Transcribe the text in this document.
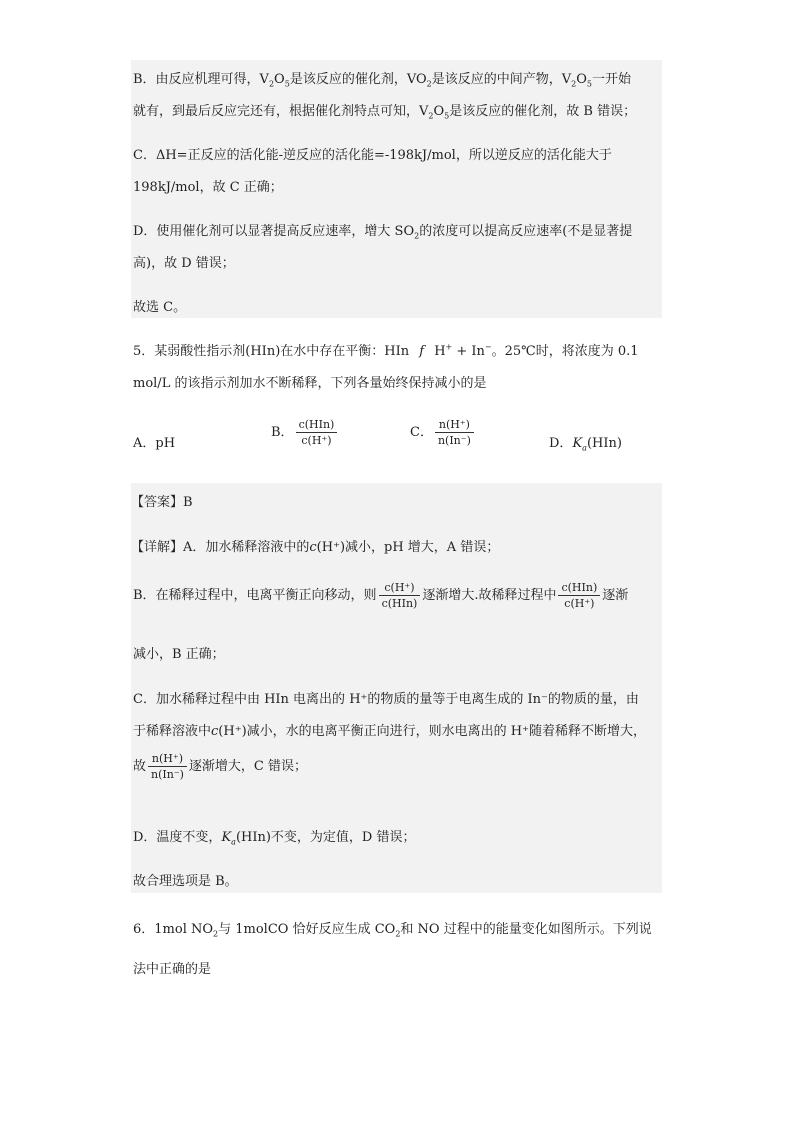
B．由反应机理可得，$V_2O_5$是该反应的催化剂，$VO_2$是该反应的中间产物，$V_2O_5$一开始
就有，到最后反应完还有，根据催化剂特点可知，$V_2O_5$是该反应的催化剂，故 B 错误；
C．ΔH=正反应的活化能-逆反应的活化能=-198kJ/mol，所以逆反应的活化能大于
198kJ/mol，故 C 正确；
D．使用催化剂可以显著提高反应速率，增大 $SO_2$的浓度可以提高反应速率(不是显著提
高)，故 D 错误；
故选 C。
5．某弱酸性指示剂(HIn)在水中存在平衡：HIn f H+ + In−。25℃时，将浓度为 0.1
mol/L 的该指示剂加水不断稀释，下列各量始终保持减小的是
A．pH
B． $\frac{\text{c(HIn)}}{c(H^+)}$	C． $\frac{n(H^+)}{n(In^-)}$	D．$K_a(HIn)$
【答案】B
【详解】A．加水稀释溶液中的c(H⁺)减小，pH 增大，A 错误；
B．在稀释过程中，电离平衡正向移动，则 $\frac{c(H^+)}{\text{c(HIn)}}$ 逐渐增大.故稀释过程中 $\frac{\text{c(HIn)}}{c(H^+)}$ 逐渐
减小，B 正确；
C．加水稀释过程中由 HIn 电离出的 H⁺的物质的量等于电离生成的 In⁻的物质的量，由
于稀释溶液中c(H⁺)减小，水的电离平衡正向进行，则水电离出的 H⁺随着稀释不断增大，
故 $\frac{n(H^+)}{n(In^-)}$ 逐渐增大，C 错误；
D．温度不变，$K_a(HIn)$不变，为定值，D 错误；
故合理选项是 B。
6．1mol $NO_2$与 1molCO 恰好反应生成 $CO_2$和 NO 过程中的能量变化如图所示。下列说
法中正确的是
